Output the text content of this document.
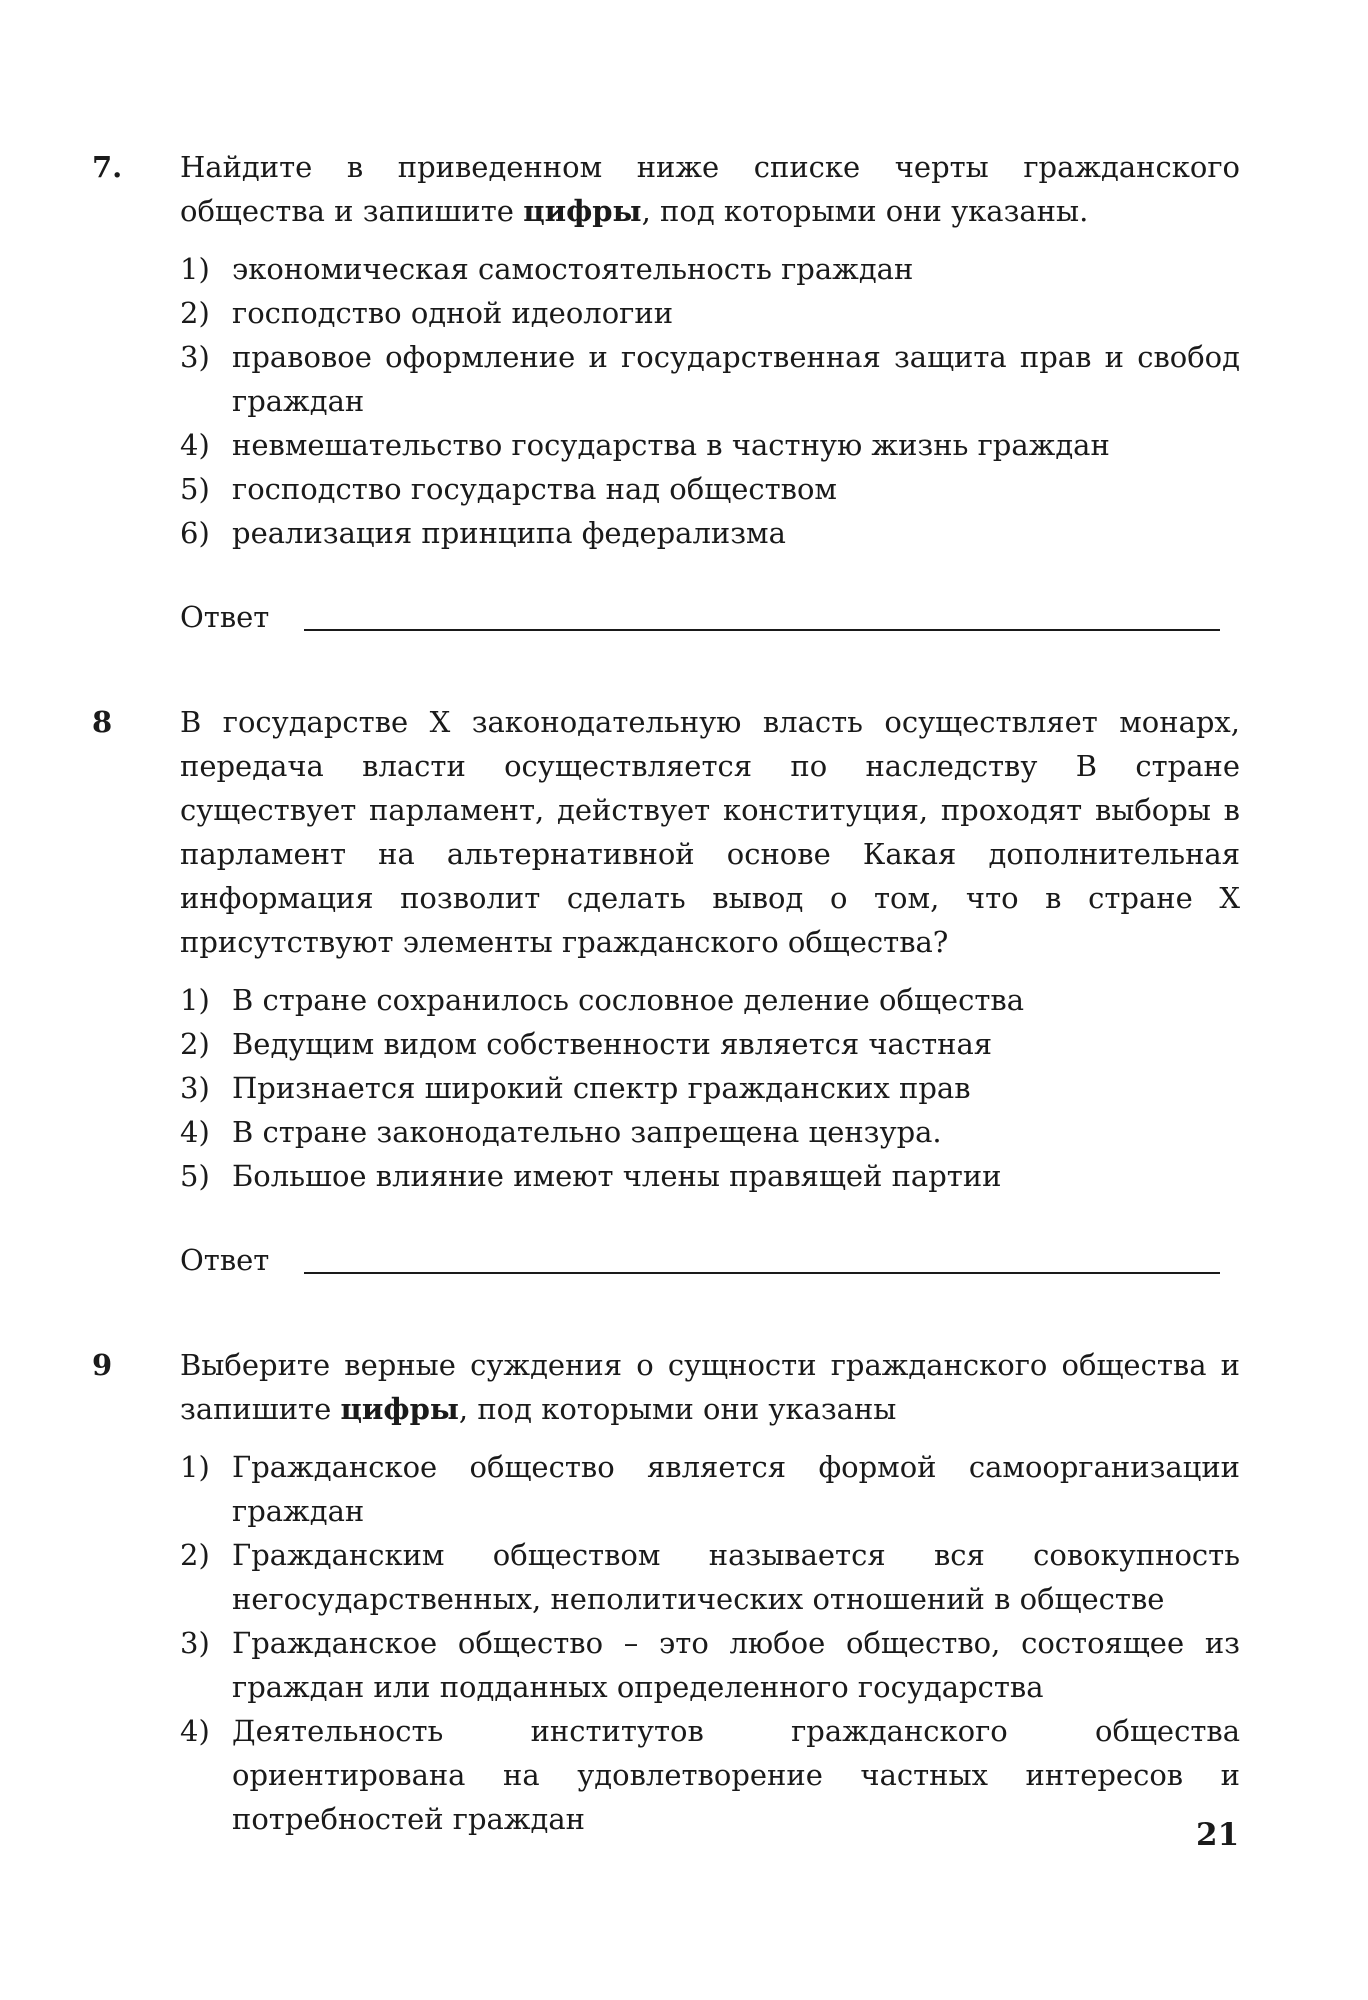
7. Найдите в приведенном ниже списке черты гражданского общества и запишите цифры, под которыми они указаны.

1) экономическая самостоятельность граждан
2) господство одной идеологии
3) правовое оформление и государственная защита прав и свобод граждан
4) невмешательство государства в частную жизнь граждан
5) господство государства над обществом
6) реализация принципа федерализма
Ответ
8 В государстве X законодательную власть осуществляет монарх, передача власти осуществляется по наследству В стране существует парламент, действует конституция, проходят выборы в парламент на альтернативной основе Какая дополнительная информация позволит сделать вывод о том, что в стране X присутствуют элементы гражданского общества?

1) В стране сохранилось сословное деление общества
2) Ведущим видом собственности является частная
3) Признается широкий спектр гражданских прав
4) В стране законодательно запрещена цензура.
5) Большое влияние имеют члены правящей партии
Ответ
9 Выберите верные суждения о сущности гражданского общества и запишите цифры, под которыми они указаны

1) Гражданское общество является формой самоорганизации граждан
2) Гражданским обществом называется вся совокупность негосударственных, неполитических отношений в обществе
3) Гражданское общество – это любое общество, состоящее из граждан или подданных определенного государства
4) Деятельность институтов гражданского общества ориентирована на удовлетворение частных интересов и потребностей граждан	21
